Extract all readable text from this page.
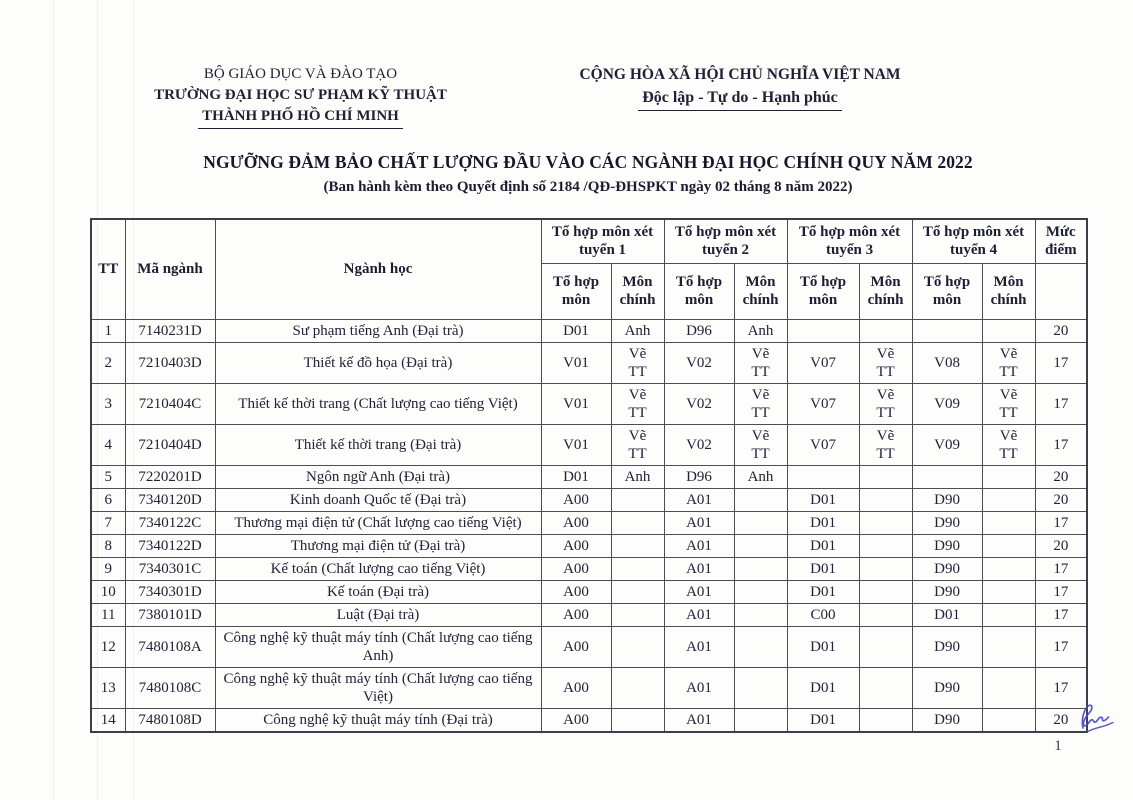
BỘ GIÁO DỤC VÀ ĐÀO TẠO
TRƯỜNG ĐẠI HỌC SƯ PHẠM KỸ THUẬT
THÀNH PHỐ HỒ CHÍ MINH
CỘNG HÒA XÃ HỘI CHỦ NGHĨA VIỆT NAM
Độc lập - Tự do - Hạnh phúc
NGƯỠNG ĐẢM BẢO CHẤT LƯỢNG ĐẦU VÀO CÁC NGÀNH ĐẠI HỌC CHÍNH QUY NĂM 2022
(Ban hành kèm theo Quyết định số 2184 /QĐ-ĐHSPKT ngày 02 tháng 8 năm 2022)
TT	Mã ngành	Ngành học	Tổ hợp môn xét tuyển 1		Tổ hợp môn xét tuyển 2		Tổ hợp môn xét tuyển 3		Tổ hợp môn xét tuyển 4		Mức điểm
			Tổ hợp môn	Môn chính	Tổ hợp môn	Môn chính	Tổ hợp môn	Môn chính	Tổ hợp môn	Môn chính	
1	7140231D	Sư phạm tiếng Anh (Đại trà)	D01	Anh	D96	Anh					20
2	7210403D	Thiết kế đồ họa (Đại trà)	V01	Vẽ TT	V02	Vẽ TT	V07	Vẽ TT	V08	Vẽ TT	17
3	7210404C	Thiết kế thời trang (Chất lượng cao tiếng Việt)	V01	Vẽ TT	V02	Vẽ TT	V07	Vẽ TT	V09	Vẽ TT	17
4	7210404D	Thiết kế thời trang (Đại trà)	V01	Vẽ TT	V02	Vẽ TT	V07	Vẽ TT	V09	Vẽ TT	17
5	7220201D	Ngôn ngữ Anh (Đại trà)	D01	Anh	D96	Anh					20
6	7340120D	Kinh doanh Quốc tế (Đại trà)	A00		A01		D01		D90		20
7	7340122C	Thương mại điện tử (Chất lượng cao tiếng Việt)	A00		A01		D01		D90		17
8	7340122D	Thương mại điện tử (Đại trà)	A00		A01		D01		D90		20
9	7340301C	Kế toán (Chất lượng cao tiếng Việt)	A00		A01		D01		D90		17
10	7340301D	Kế toán (Đại trà)	A00		A01		D01		D90		17
11	7380101D	Luật (Đại trà)	A00		A01		C00		D01		17
12	7480108A	Công nghệ kỹ thuật máy tính (Chất lượng cao tiếng Anh)	A00		A01		D01		D90		17
13	7480108C	Công nghệ kỹ thuật máy tính (Chất lượng cao tiếng Việt)	A00		A01		D01		D90		17
14	7480108D	Công nghệ kỹ thuật máy tính (Đại trà)	A00		A01		D01		D90		20
1
